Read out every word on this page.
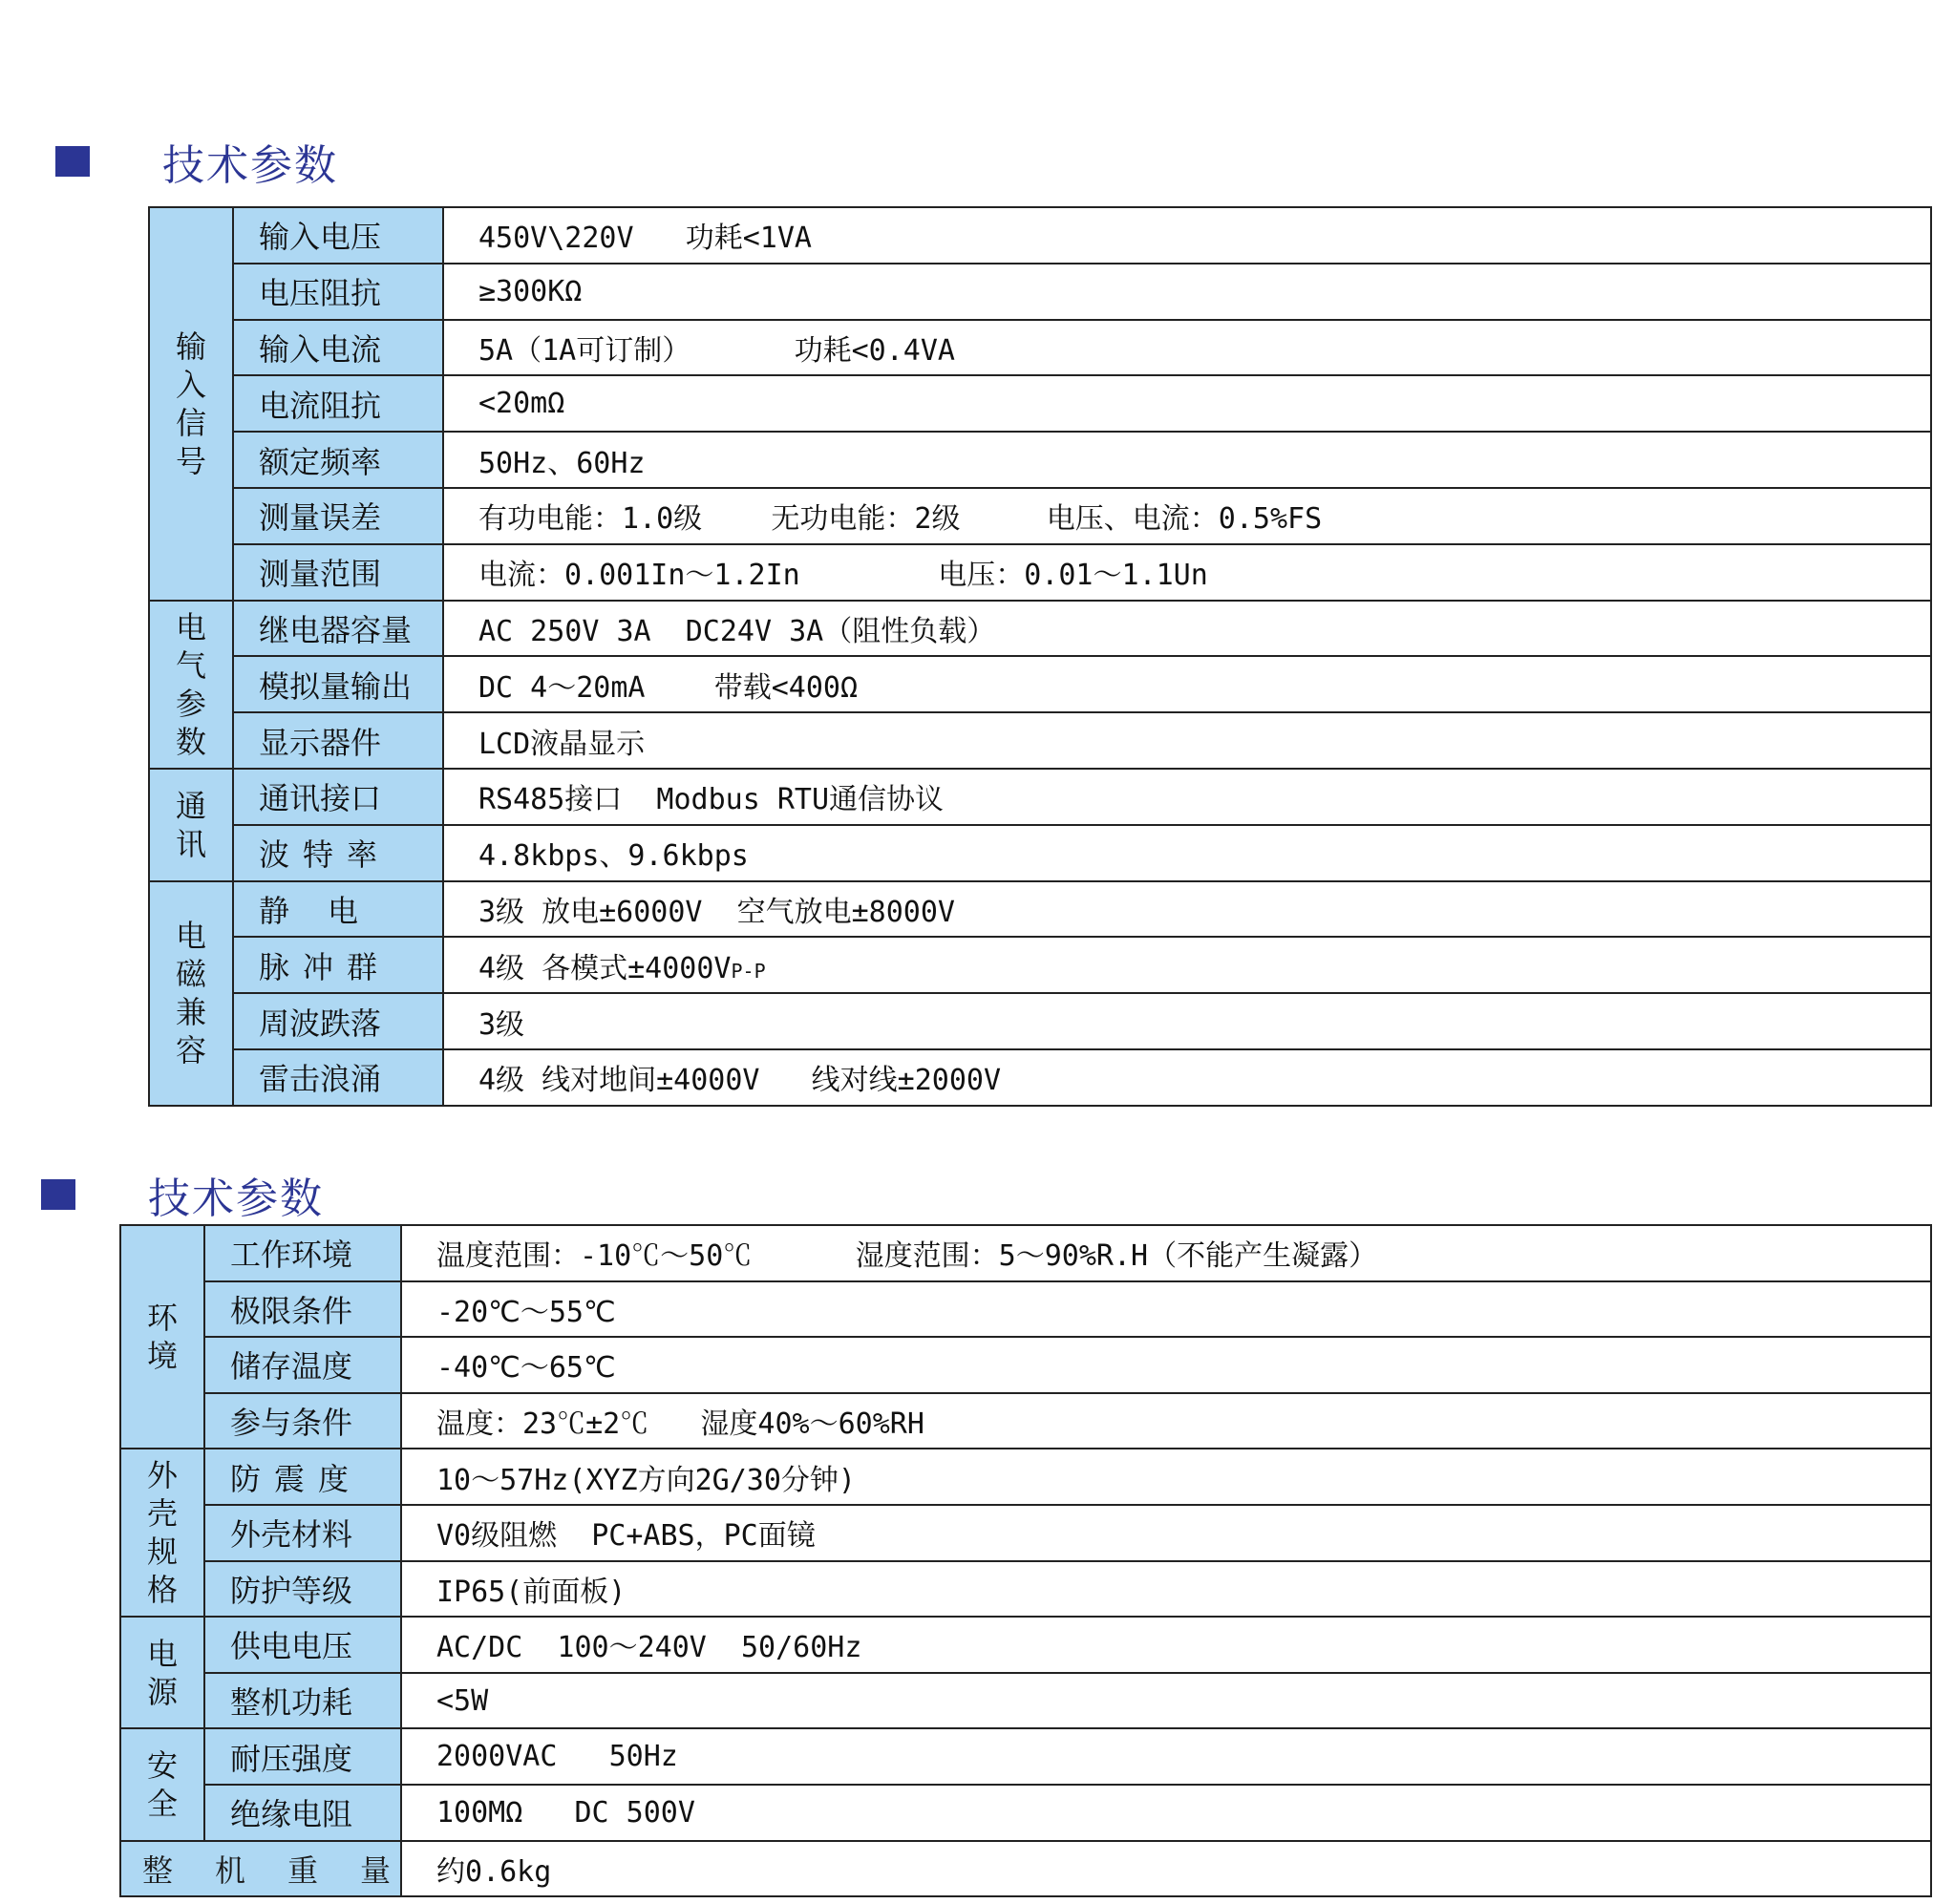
技术参数
输入信号	输入电压	450V\220V   功耗<1VA
	电压阻抗	≥300KΩ
	输入电流	5A（1A可订制）      功耗<0.4VA
	电流阻抗	<20mΩ
	额定频率	50Hz、60Hz
	测量误差	有功电能：1.0级    无功电能：2级     电压、电流：0.5%FS
	测量范围	电流：0.001In～1.2In        电压：0.01～1.1Un
电气参数	继电器容量	AC 250V 3A  DC24V 3A（阻性负载）
	模拟量输出	DC 4～20mA    带载<400Ω
	显示器件	LCD液晶显示
通讯	通讯接口	RS485接口  Modbus RTU通信协议
	波特率	4.8kbps、9.6kbps
电磁兼容	静电	3级 放电±6000V  空气放电±8000V
	脉冲群	4级 各模式±4000VP-P
	周波跌落	3级
	雷击浪涌	4级 线对地间±4000V   线对线±2000V
技术参数
环境	工作环境	温度范围：-10℃～50℃      湿度范围：5～90%R.H（不能产生凝露）
	极限条件	-20℃～55℃
	储存温度	-40℃～65℃
	参与条件	温度：23℃±2℃   湿度40%～60%RH
外壳规格	防震度	10～57Hz(XYZ方向2G/30分钟)
	外壳材料	V0级阻燃  PC+ABS，PC面镜
	防护等级	IP65(前面板)
电源	供电电压	AC/DC  100～240V  50/60Hz
	整机功耗	<5W
安全	耐压强度	2000VAC   50Hz
	绝缘电阻	100MΩ   DC 500V
整机重量		约0.6kg
